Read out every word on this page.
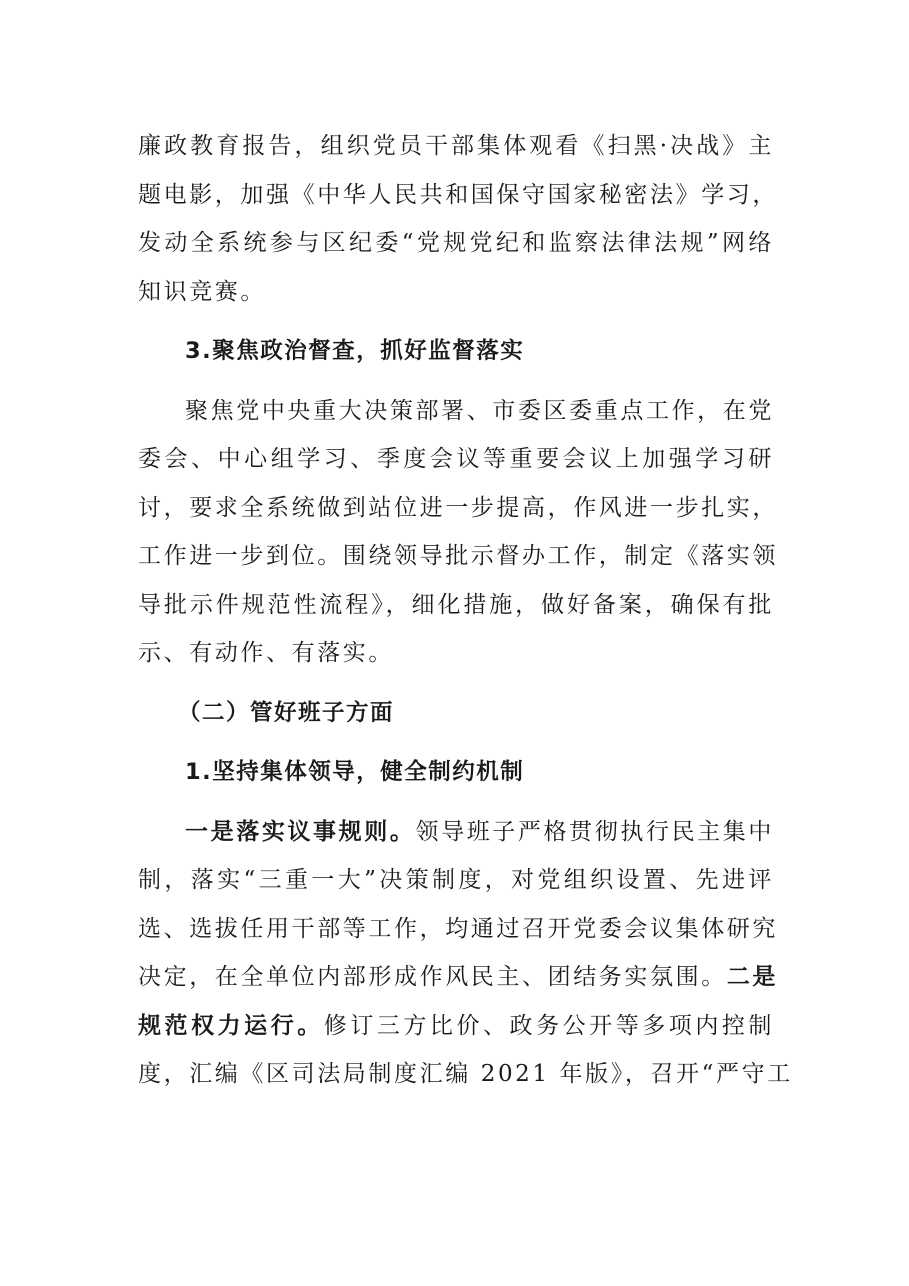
廉政教育报告，组织党员干部集体观看《扫黑·决战》主
题电影，加强《中华人民共和国保守国家秘密法》学习，
发动全系统参与区纪委“党规党纪和监察法律法规”网络
知识竞赛。
3.聚焦政治督查，抓好监督落实
聚焦党中央重大决策部署、市委区委重点工作，在党
委会、中心组学习、季度会议等重要会议上加强学习研
讨，要求全系统做到站位进一步提高，作风进一步扎实，
工作进一步到位。围绕领导批示督办工作，制定《落实领
导批示件规范性流程》，细化措施，做好备案，确保有批
示、有动作、有落实。
（二）管好班子方面
1.坚持集体领导，健全制约机制
一是落实议事规则。领导班子严格贯彻执行民主集中
制，落实“三重一大”决策制度，对党组织设置、先进评
选、选拔任用干部等工作，均通过召开党委会议集体研究
决定，在全单位内部形成作风民主、团结务实氛围。二是
规范权力运行。修订三方比价、政务公开等多项内控制
度，汇编《区司法局制度汇编 2021 年版》，召开“严守工
